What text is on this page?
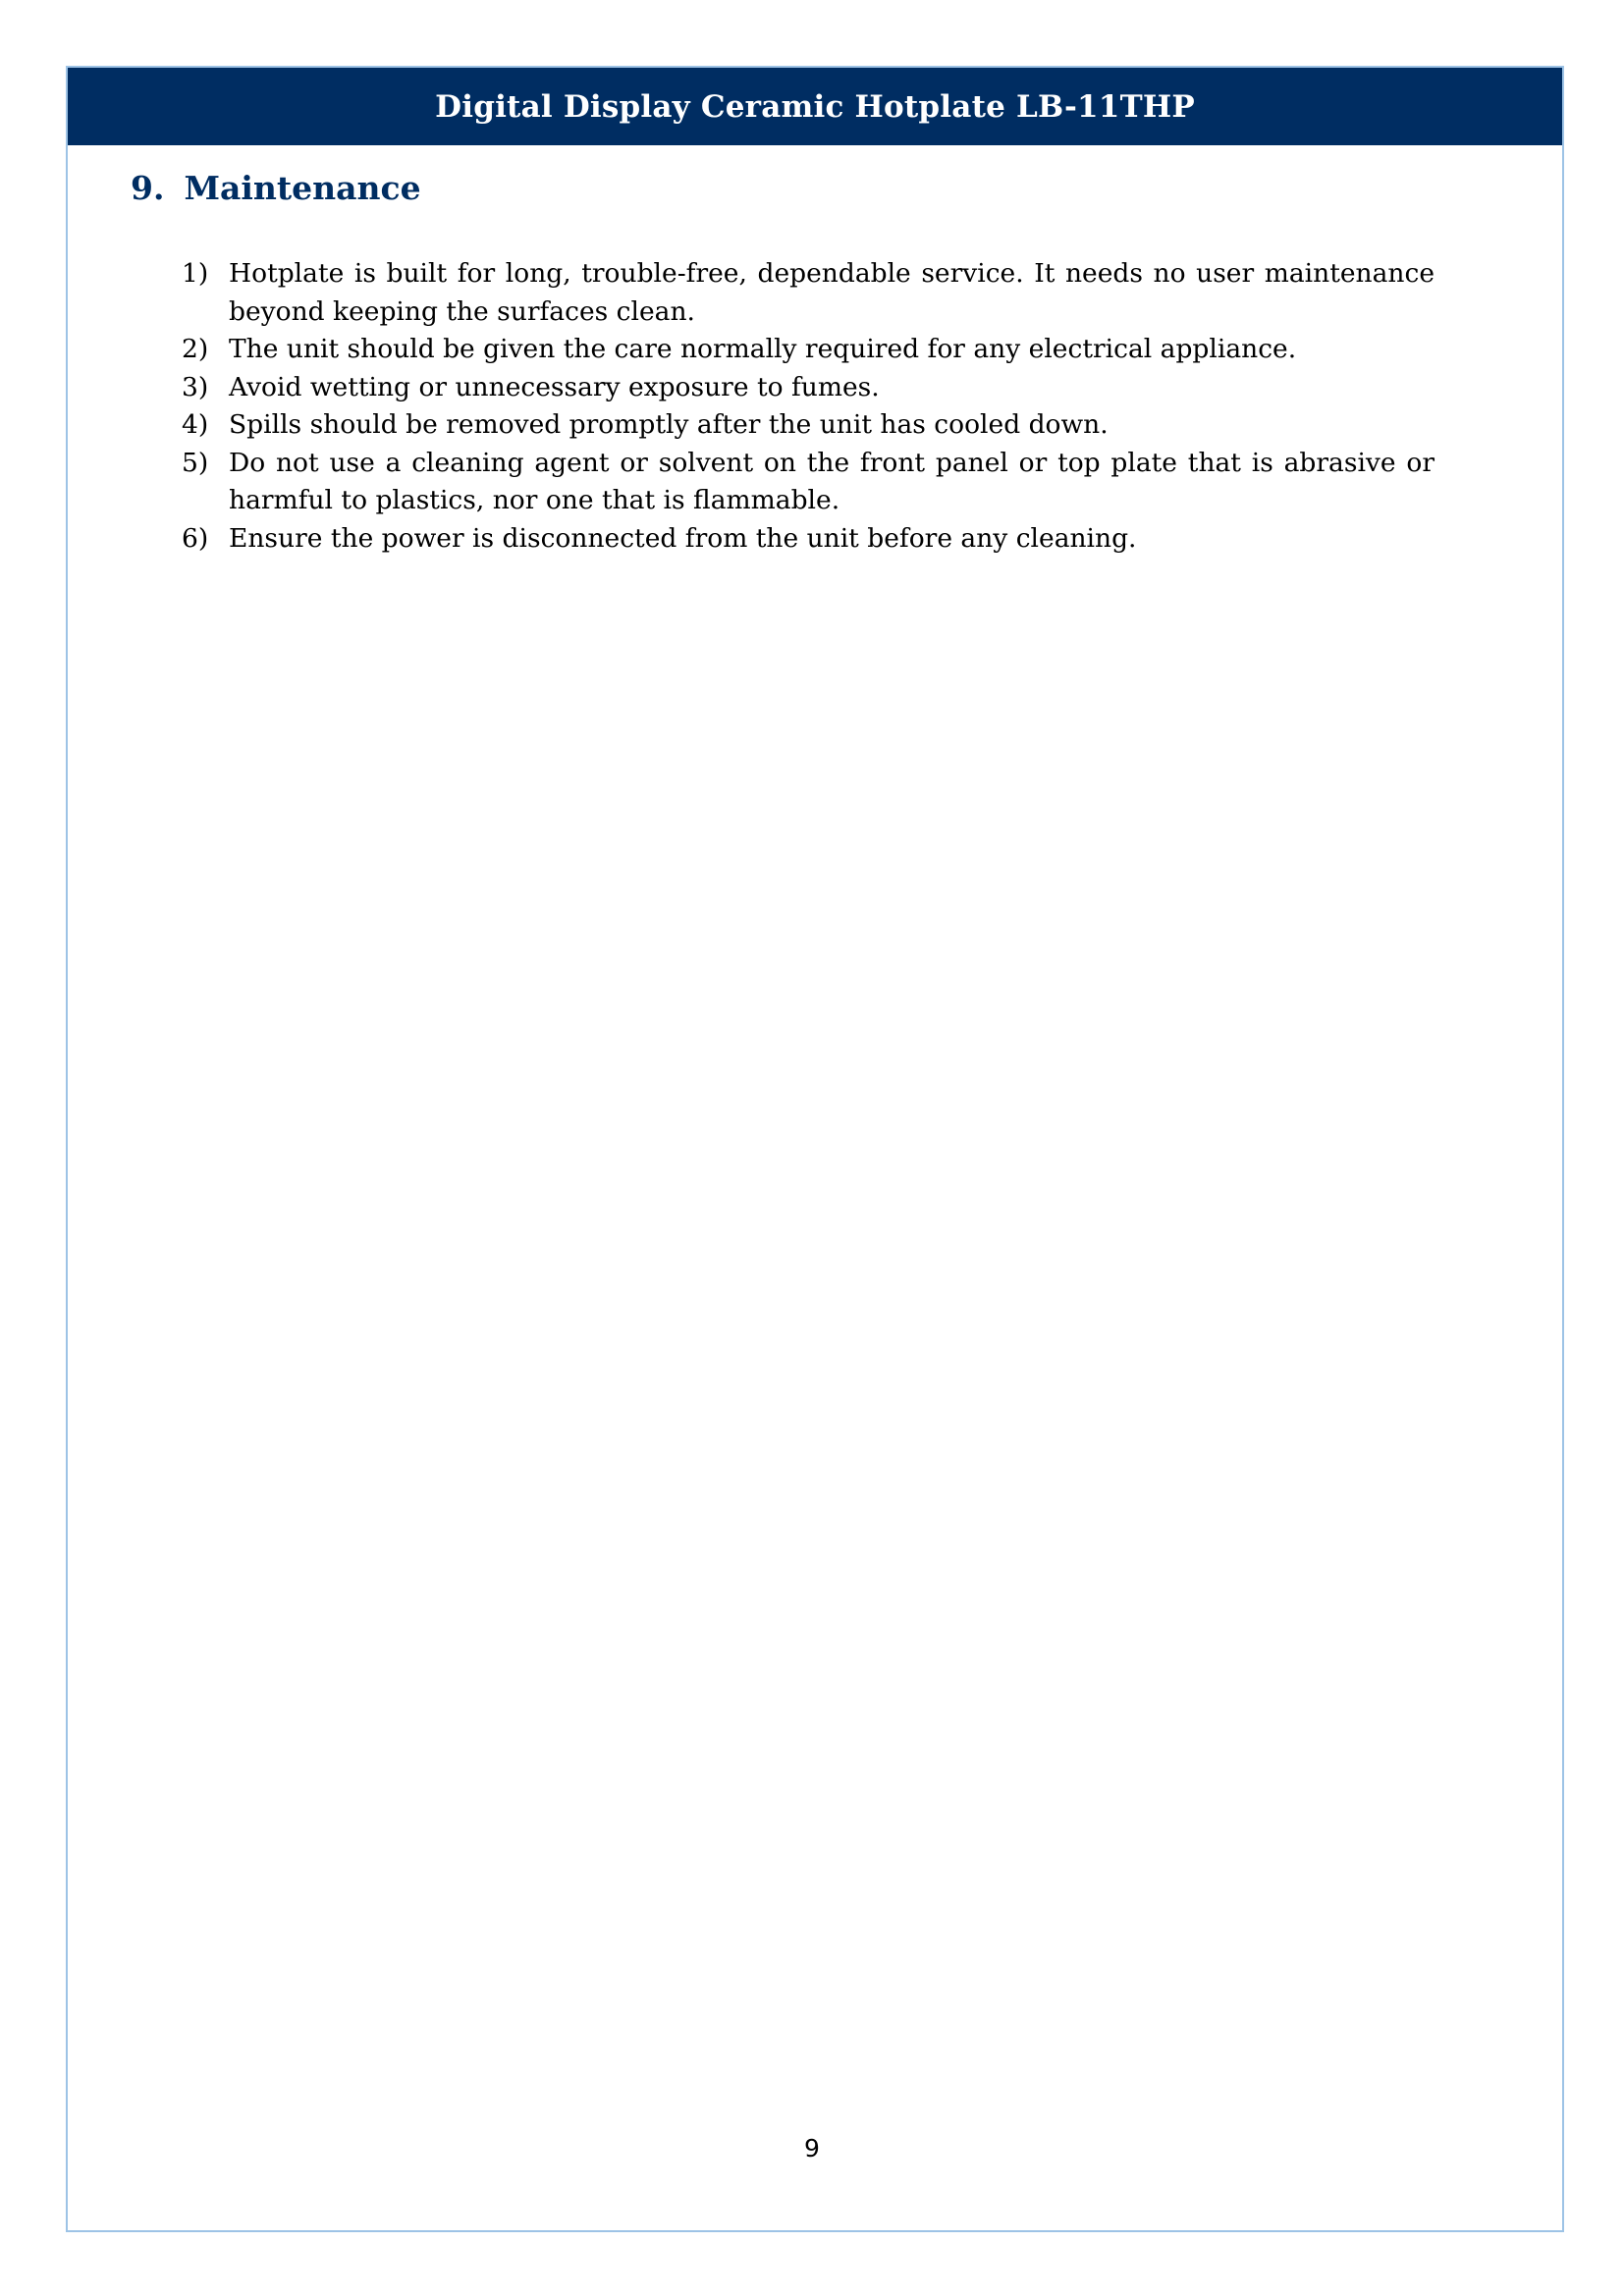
Digital Display Ceramic Hotplate LB-11THP
9. Maintenance
1) Hotplate is built for long, trouble-free, dependable service. It needs no user maintenance beyond keeping the surfaces clean.
2) The unit should be given the care normally required for any electrical appliance.
3) Avoid wetting or unnecessary exposure to fumes.
4) Spills should be removed promptly after the unit has cooled down.
5) Do not use a cleaning agent or solvent on the front panel or top plate that is abrasive or harmful to plastics, nor one that is flammable.
6) Ensure the power is disconnected from the unit before any cleaning.
9
